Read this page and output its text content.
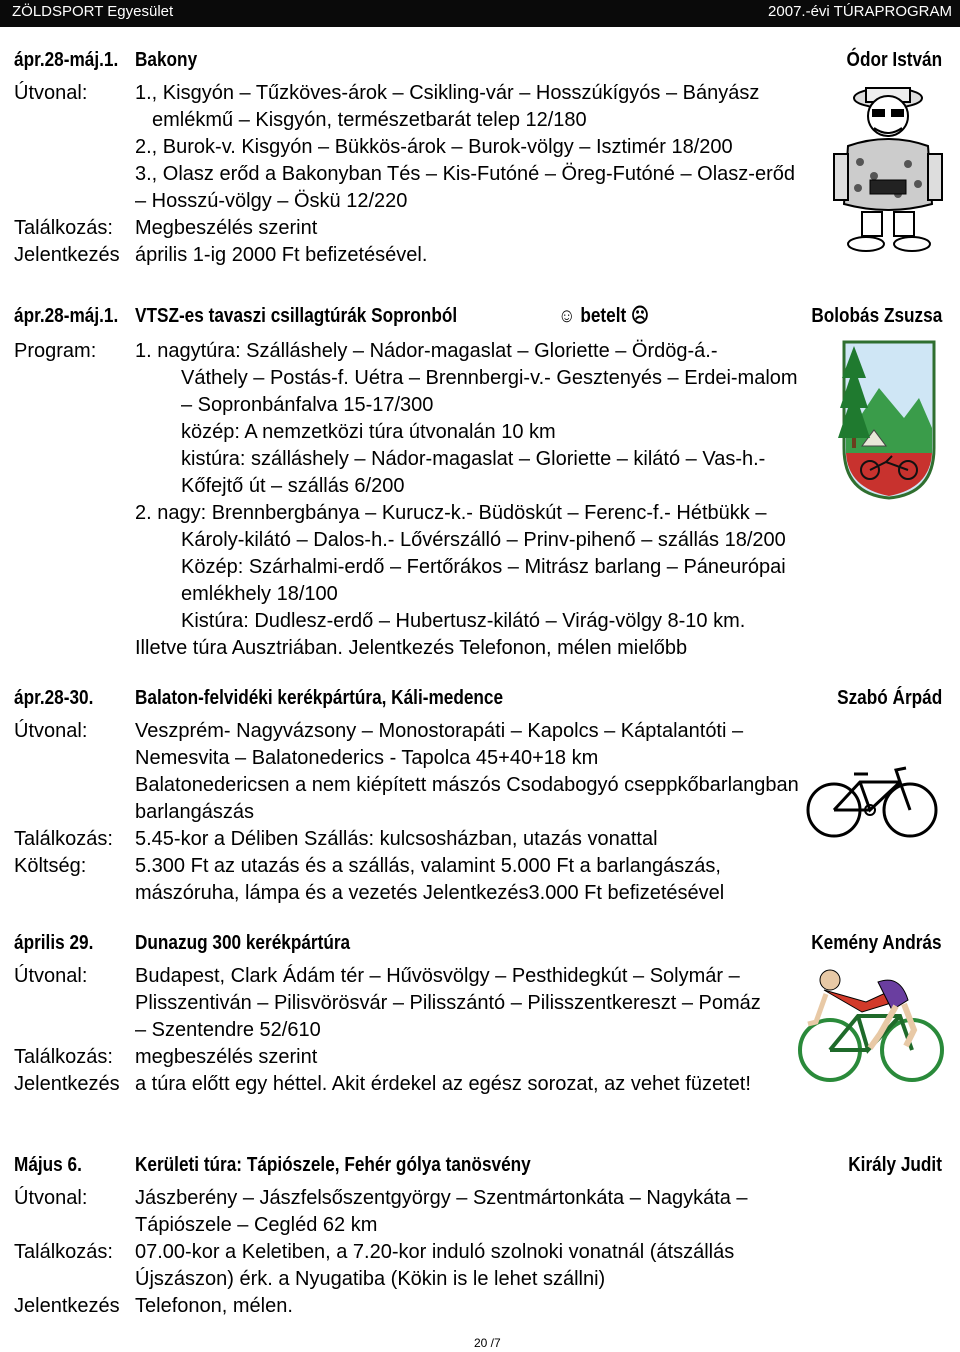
ZÖLDSPORT Egyesület	2007.-évi TÚRAPROGRAM
ápr.28-máj.1. Bakony	Ódor István
Útvonal: 1., Kisgyón – Tűzköves-árok – Csikling-vár – Hosszúkígyós – Bányász
emlékmű – Kisgyón, természetbarát telep 12/180
2., Burok-v. Kisgyón – Bükkös-árok – Burok-völgy – Isztimér 18/200
3., Olasz erőd a Bakonyban Tés – Kis-Futóné – Öreg-Futóné – Olasz-erőd
– Hosszú-völgy – Öskü 12/220
Találkozás: Megbeszélés szerint
Jelentkezés április 1-ig 2000 Ft befizetésével.
ápr.28-máj.1. VTSZ-es tavaszi csillagtúrák Sopronból	☺ betelt ☹	Bolobás Zsuzsa
Program: 1. nagytúra: Szálláshely – Nádor-magaslat – Gloriette – Ördög-á.-
Váthely – Postás-f. Uétra – Brennbergi-v.- Gesztenyés – Erdei-malom
– Sopronbánfalva 15-17/300
közép: A nemzetközi túra útvonalán 10 km
kistúra: szálláshely – Nádor-magaslat – Gloriette – kilátó – Vas-h.-
Kőfejtő út – szállás 6/200
2. nagy: Brennbergbánya – Kurucz-k.- Büdöskút – Ferenc-f.- Hétbükk –
Károly-kilátó – Dalos-h.- Lővérszálló – Prinv-pihenő – szállás 18/200
Közép: Szárhalmi-erdő – Fertőrákos – Mitrász barlang – Páneurópai
emlékhely 18/100
Kistúra: Dudlesz-erdő – Hubertusz-kilátó – Virág-völgy 8-10 km.
Illetve túra Ausztriában. Jelentkezés Telefonon, mélen mielőbb
ápr.28-30. Balaton-felvidéki kerékpártúra, Káli-medence	Szabó Árpád
Útvonal: Veszprém- Nagyvázsony – Monostorapáti – Kapolcs – Káptalantóti –
Nemesvita – Balatonederics - Tapolca 45+40+18 km
Balatonedericsen a nem kiépített mászós Csodabogyó cseppkőbarlangban
barlangászás
Találkozás: 5.45-kor a Déliben Szállás: kulcsosházban, utazás vonattal
Költség: 5.300 Ft az utazás és a szállás, valamint 5.000 Ft a barlangászás,
mászóruha, lámpa és a vezetés Jelentkezés3.000 Ft befizetésével
április 29. Dunazug 300 kerékpártúra	Kemény András
Útvonal: Budapest, Clark Ádám tér – Hűvösvölgy – Pesthidegkút – Solymár –
Plisszentiván – Pilisvörösvár – Pilisszántó – Pilisszentkereszt – Pomáz
– Szentendre 52/610
Találkozás: megbeszélés szerint
Jelentkezés a túra előtt egy héttel. Akit érdekel az egész sorozat, az vehet füzetet!
Május 6.	Kerületi túra: Tápiószele, Fehér gólya tanösvény	Király Judit
Útvonal: Jászberény – Jászfelsőszentgyörgy – Szentmártonkáta – Nagykáta –
Tápiószele – Cegléd 62 km
Találkozás: 07.00-kor a Keletiben, a 7.20-kor induló szolnoki vonatnál (átszállás
Újszászon) érk. a Nyugatiba (Kökin is le lehet szállni)
Jelentkezés Telefonon, mélen.
20 /7
